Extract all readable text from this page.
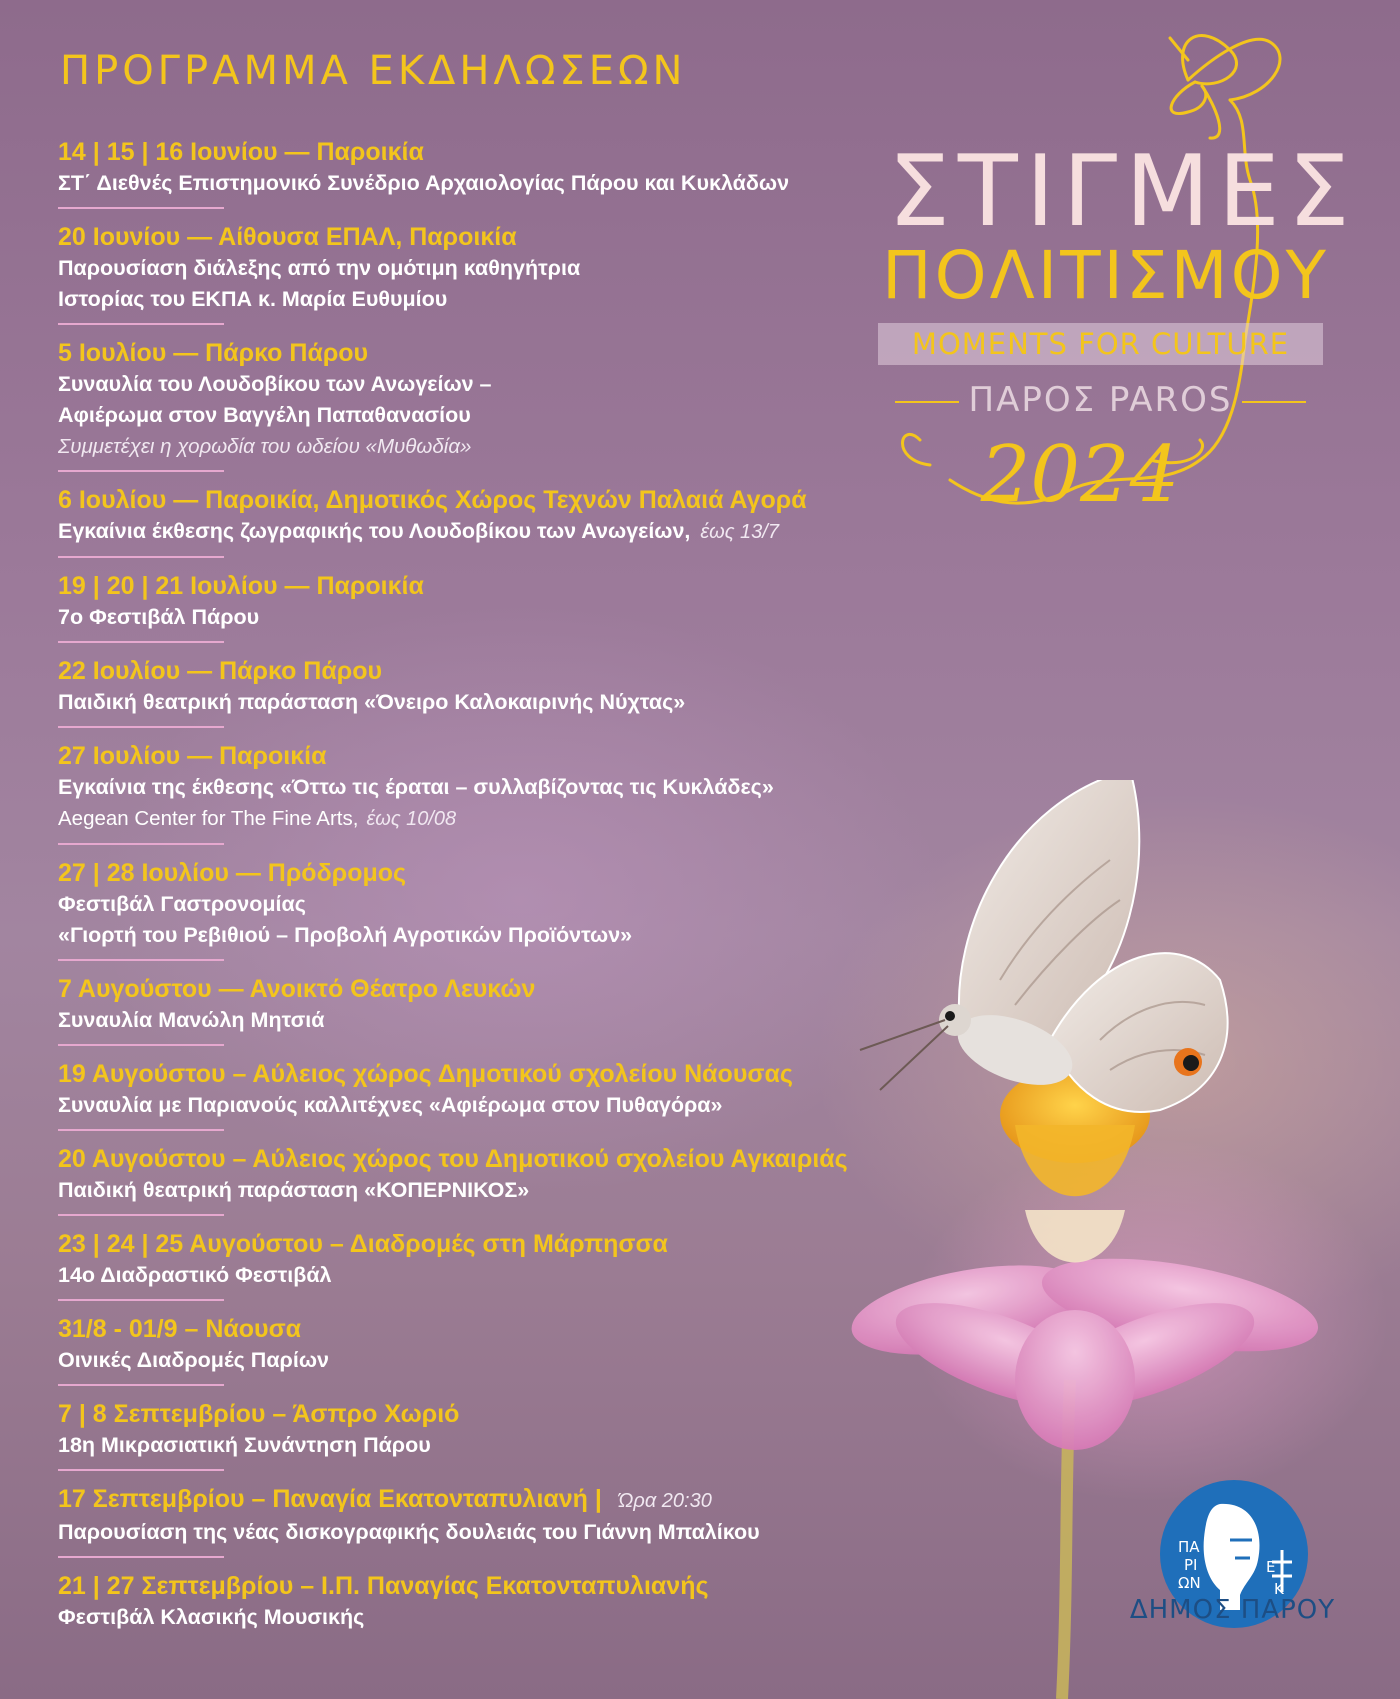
ΠΡΟΓΡΑΜΜΑ ΕΚΔΗΛΩΣΕΩΝ
14 | 15 | 16 Ιουνίου — Παροικία
ΣΤ΄ Διεθνές Επιστημονικό Συνέδριο Αρχαιολογίας Πάρου και Κυκλάδων
20 Ιουνίου — Αίθουσα ΕΠΑΛ, Παροικία
Παρουσίαση διάλεξης από την ομότιμη καθηγήτρια
Ιστορίας του ΕΚΠΑ κ. Μαρία Ευθυμίου
5 Ιουλίου — Πάρκο Πάρου
Συναυλία του Λουδοβίκου των Ανωγείων –
Αφιέρωμα στον Βαγγέλη Παπαθανασίου
Συμμετέχει η χορωδία του ωδείου «Μυθωδία»
6 Ιουλίου — Παροικία, Δημοτικός Χώρος Τεχνών Παλαιά Αγορά
Εγκαίνια έκθεσης ζωγραφικής του Λουδοβίκου των Ανωγείων, έως 13/7
19 | 20 | 21 Ιουλίου — Παροικία
7ο Φεστιβάλ Πάρου
22 Ιουλίου — Πάρκο Πάρου
Παιδική θεατρική παράσταση «Όνειρο Καλοκαιρινής Νύχτας»
27 Ιουλίου — Παροικία
Εγκαίνια της έκθεσης «Όττω τις έραται – συλλαβίζοντας τις Κυκλάδες»
Aegean Center for The Fine Arts, έως 10/08
27 | 28 Ιουλίου — Πρόδρομος
Φεστιβάλ Γαστρονομίας
«Γιορτή του Ρεβιθιού – Προβολή Αγροτικών Προϊόντων»
7 Αυγούστου — Ανοικτό Θέατρο Λευκών
Συναυλία Μανώλη Μητσιά
19 Αυγούστου – Αύλειος χώρος Δημοτικού σχολείου Νάουσας
Συναυλία με Παριανούς καλλιτέχνες «Αφιέρωμα στον Πυθαγόρα»
20 Αυγούστου – Αύλειος χώρος του Δημοτικού σχολείου Αγκαιριάς
Παιδική θεατρική παράσταση «ΚΟΠΕΡΝΙΚΟΣ»
23 | 24 | 25 Αυγούστου – Διαδρομές στη Μάρπησσα
14ο Διαδραστικό Φεστιβάλ
31/8 - 01/9 – Νάουσα
Οινικές Διαδρομές Παρίων
7 | 8 Σεπτεμβρίου – Άσπρο Χωριό
18η Μικρασιατική Συνάντηση Πάρου
17 Σεπτεμβρίου – Παναγία Εκατονταπυλιανή | Ώρα 20:30
Παρουσίαση της νέας δισκογραφικής δουλειάς του Γιάννη Μπαλίκου
21 | 27 Σεπτεμβρίου – Ι.Π. Παναγίας Εκατονταπυλιανής
Φεστιβάλ Κλασικής Μουσικής
ΣΤΙΓΜΕΣ
ΠΟΛΙΤΙΣΜΟΥ
MOMENTS FOR CULTURE
ΠΑΡΟΣ PAROS
2024
ΠΑ
ΡΙ
ΩΝ
Ε
Κ
ΔΗΜΟΣ ΠΑΡΟΥ
